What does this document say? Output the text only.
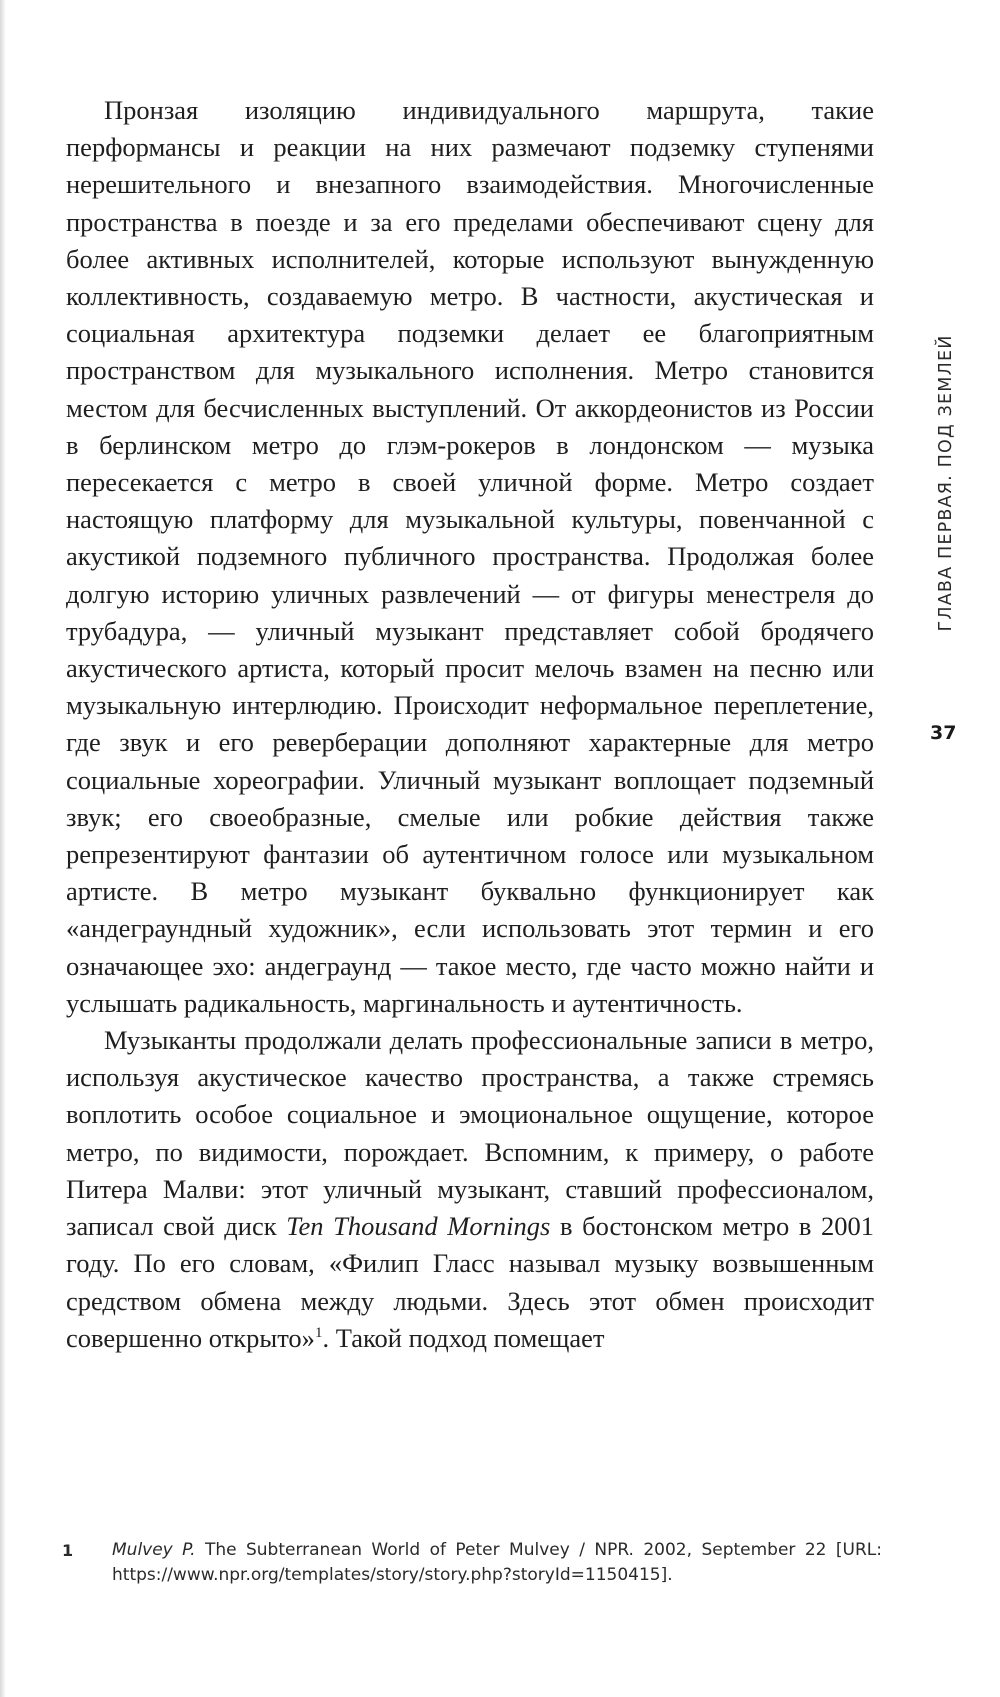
Пронзая изоляцию индивидуального маршрута, такие перформансы и реакции на них размечают подземку ступенями нерешительного и внезапного взаимодействия. Многочисленные пространства в поезде и за его пределами обеспечивают сцену для более активных исполнителей, которые используют вынужденную коллективность, создаваемую метро. В частности, акустическая и социальная архитектура подземки делает ее благоприятным пространством для музыкального исполнения. Метро становится местом для бесчисленных выступлений. От аккордеонистов из России в берлинском метро до глэм-рокеров в лондонском — музыка пересекается с метро в своей уличной форме. Метро создает настоящую платформу для музыкальной культуры, повенчанной с акустикой подземного публичного пространства. Продолжая более долгую историю уличных развлечений — от фигуры менестреля до трубадура, — уличный музыкант представляет собой бродячего акустического артиста, который просит мелочь взамен на песню или музыкальную интерлюдию. Происходит неформальное переплетение, где звук и его реверберации дополняют характерные для метро социальные хореографии. Уличный музыкант воплощает подземный звук; его своеобразные, смелые или робкие действия также репрезентируют фантазии об аутентичном голосе или музыкальном артисте. В метро музыкант буквально функционирует как «андеграундный художник», если использовать этот термин и его означающее эхо: андеграунд — такое место, где часто можно найти и услышать радикальность, маргинальность и аутентичность.

Музыканты продолжали делать профессиональные записи в метро, используя акустическое качество пространства, а также стремясь воплотить особое социальное и эмоциональное ощущение, которое метро, по видимости, порождает. Вспомним, к примеру, о работе Питера Малви: этот уличный музыкант, ставший профессионалом, записал свой диск Ten Thousand Mornings в бостонском метро в 2001 году. По его словам, «Филип Гласс называл музыку возвышенным средством обмена между людьми. Здесь этот обмен происходит совершенно открыто»$^1$. Такой подход помещает

ГЛАВА ПЕРВАЯ. ПОД ЗЕМЛЕЙ
37
1 Mulvey P. The Subterranean World of Peter Mulvey / NPR. 2002, September 22 [URL: https://www.npr.org/templates/story/story.php?storyId=1150415].
